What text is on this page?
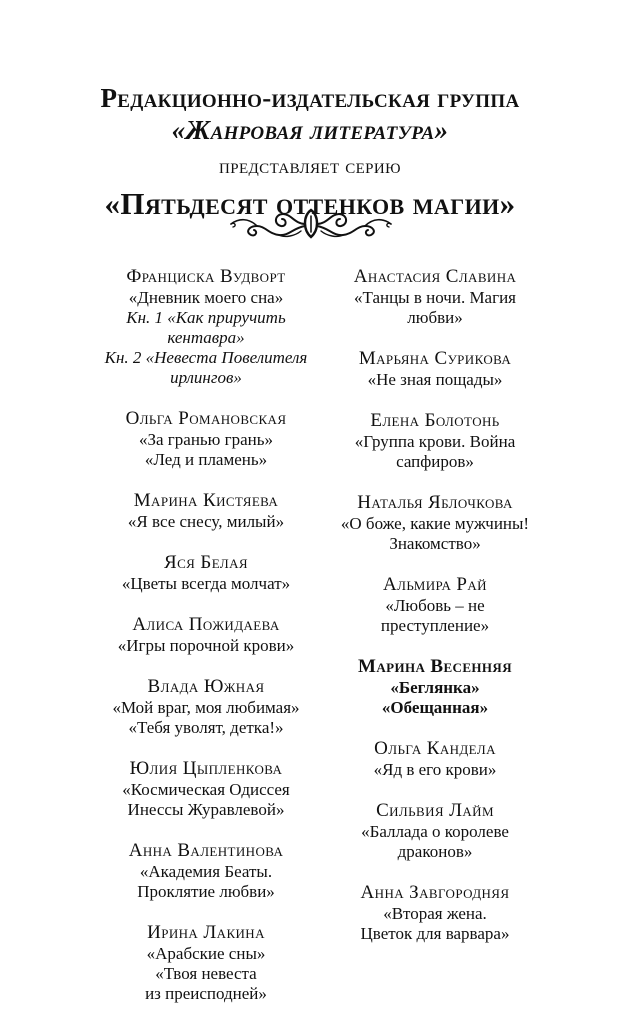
Редакционно-издательская группа
«Жанровая литература»
представляет серию
«Пятьдесят оттенков магии»
Франциска Вудворт
«Дневник моего сна»
Кн. 1 «Как приручить
кентавра»
Кн. 2 «Невеста Повелителя
ирлингов»
Ольга Романовская
«За гранью грань»
«Лед и пламень»
Марина Кистяева
«Я все снесу, милый»
Яся Белая
«Цветы всегда молчат»
Алиса Пожидаева
«Игры порочной крови»
Влада Южная
«Мой враг, моя любимая»
«Тебя уволят, детка!»
Юлия Цыпленкова
«Космическая Одиссея
Инессы Журавлевой»
Анна Валентинова
«Академия Беаты.
Проклятие любви»
Ирина Лакина
«Арабские сны»
«Твоя невеста
из преисподней»
Анастасия Славина
«Танцы в ночи. Магия
любви»
Марьяна Сурикова
«Не зная пощады»
Елена Болотонь
«Группа крови. Война
сапфиров»
Наталья Яблочкова
«О боже, какие мужчины!
Знакомство»
Альмира Рай
«Любовь – не преступление»
Марина Весенняя
«Беглянка»
«Обещанная»
Ольга Кандела
«Яд в его крови»
Сильвия Лайм
«Баллада о королеве
драконов»
Анна Завгородняя
«Вторая жена.
Цветок для варвара»
